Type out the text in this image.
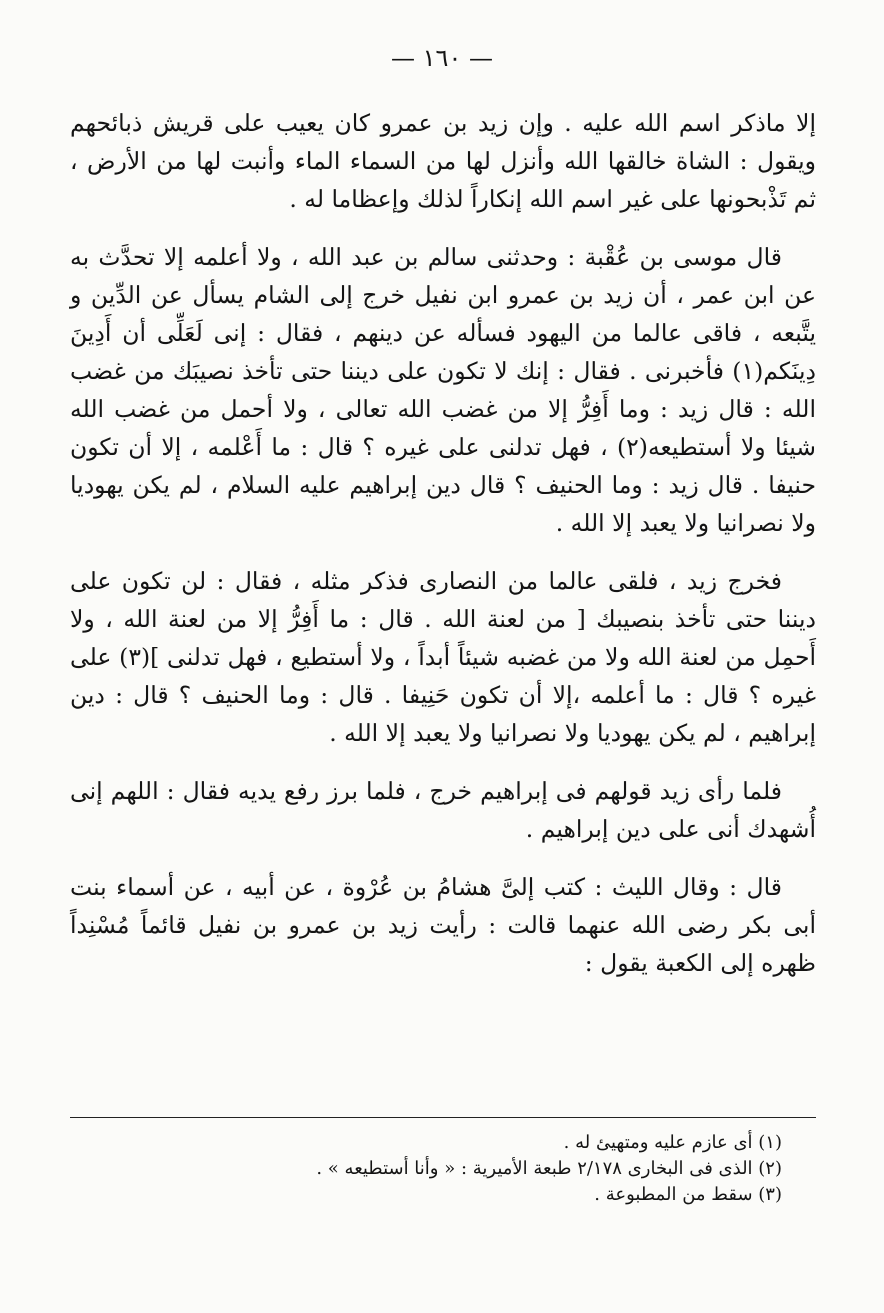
— ١٦٠ —

إلا ماذكر اسم الله عليه . وإن زيد بن عمرو كان يعيب على قريش ذبائحهم ويقول : الشاة خالقها الله وأنزل لها من السماء الماء وأنبت لها من الأرض ، ثم تَذْبحونها على غير اسم الله إنكاراً لذلك وإعظاما له .

قال موسى بن عُقْبة : وحدثنى سالم بن عبد الله ، ولا أعلمه إلا تحدَّث به عن ابن عمر ، أن زيد بن عمرو ابن نفيل خرج إلى الشام يسأل عن الدِّين و يتَّبعه ، فاقى عالما من اليهود فسأله عن دينهم ، فقال : إنى لَعَلِّى أن أَدِينَ دِينَكم(١) فأخبرنى . فقال : إنك لا تكون على ديننا حتى تأخذ نصيبَك من غضب الله : قال زيد : وما أَفِرُّ إلا من غضب الله تعالى ، ولا أحمل من غضب الله شيئا ولا أستطيعه(٢) ، فهل تدلنى على غيره ؟ قال : ما أَعْلمه ، إلا أن تكون حنيفا . قال زيد : وما الحنيف ؟ قال دين إبراهيم عليه السلام ، لم يكن يهوديا ولا نصرانيا ولا يعبد إلا الله .

فخرج زيد ، فلقى عالما من النصارى فذكر مثله ، فقال : لن تكون على ديننا حتى تأخذ بنصيبك [ من لعنة الله . قال : ما أَفِرُّ إلا من لعنة الله ، ولا أَحمِل من لعنة الله ولا من غضبه شيئاً أبداً ، ولا أستطيع ، فهل تدلنى ](٣) على غيره ؟ قال : ما أعلمه ،إلا أن تكون حَنِيفا . قال : وما الحنيف ؟ قال : دين إبراهيم ، لم يكن يهوديا ولا نصرانيا ولا يعبد إلا الله .

فلما رأى زيد قولهم فى إبراهيم خرج ، فلما برز رفع يديه فقال : اللهم إنى أُشهدك أنى على دين إبراهيم .

قال : وقال الليث : كتب إلىَّ هشامُ بن عُرْوة ، عن أبيه ، عن أسماء بنت أبى بكر رضى الله عنهما قالت : رأيت زيد بن عمرو بن نفيل قائماً مُسْنِداً ظهره إلى الكعبة يقول :

(١) أى عازم عليه ومتهيئ له .
(٢) الذى فى البخارى ٢/١٧٨ طبعة الأميرية : « وأنا أستطيعه » .
(٣) سقط من المطبوعة .
